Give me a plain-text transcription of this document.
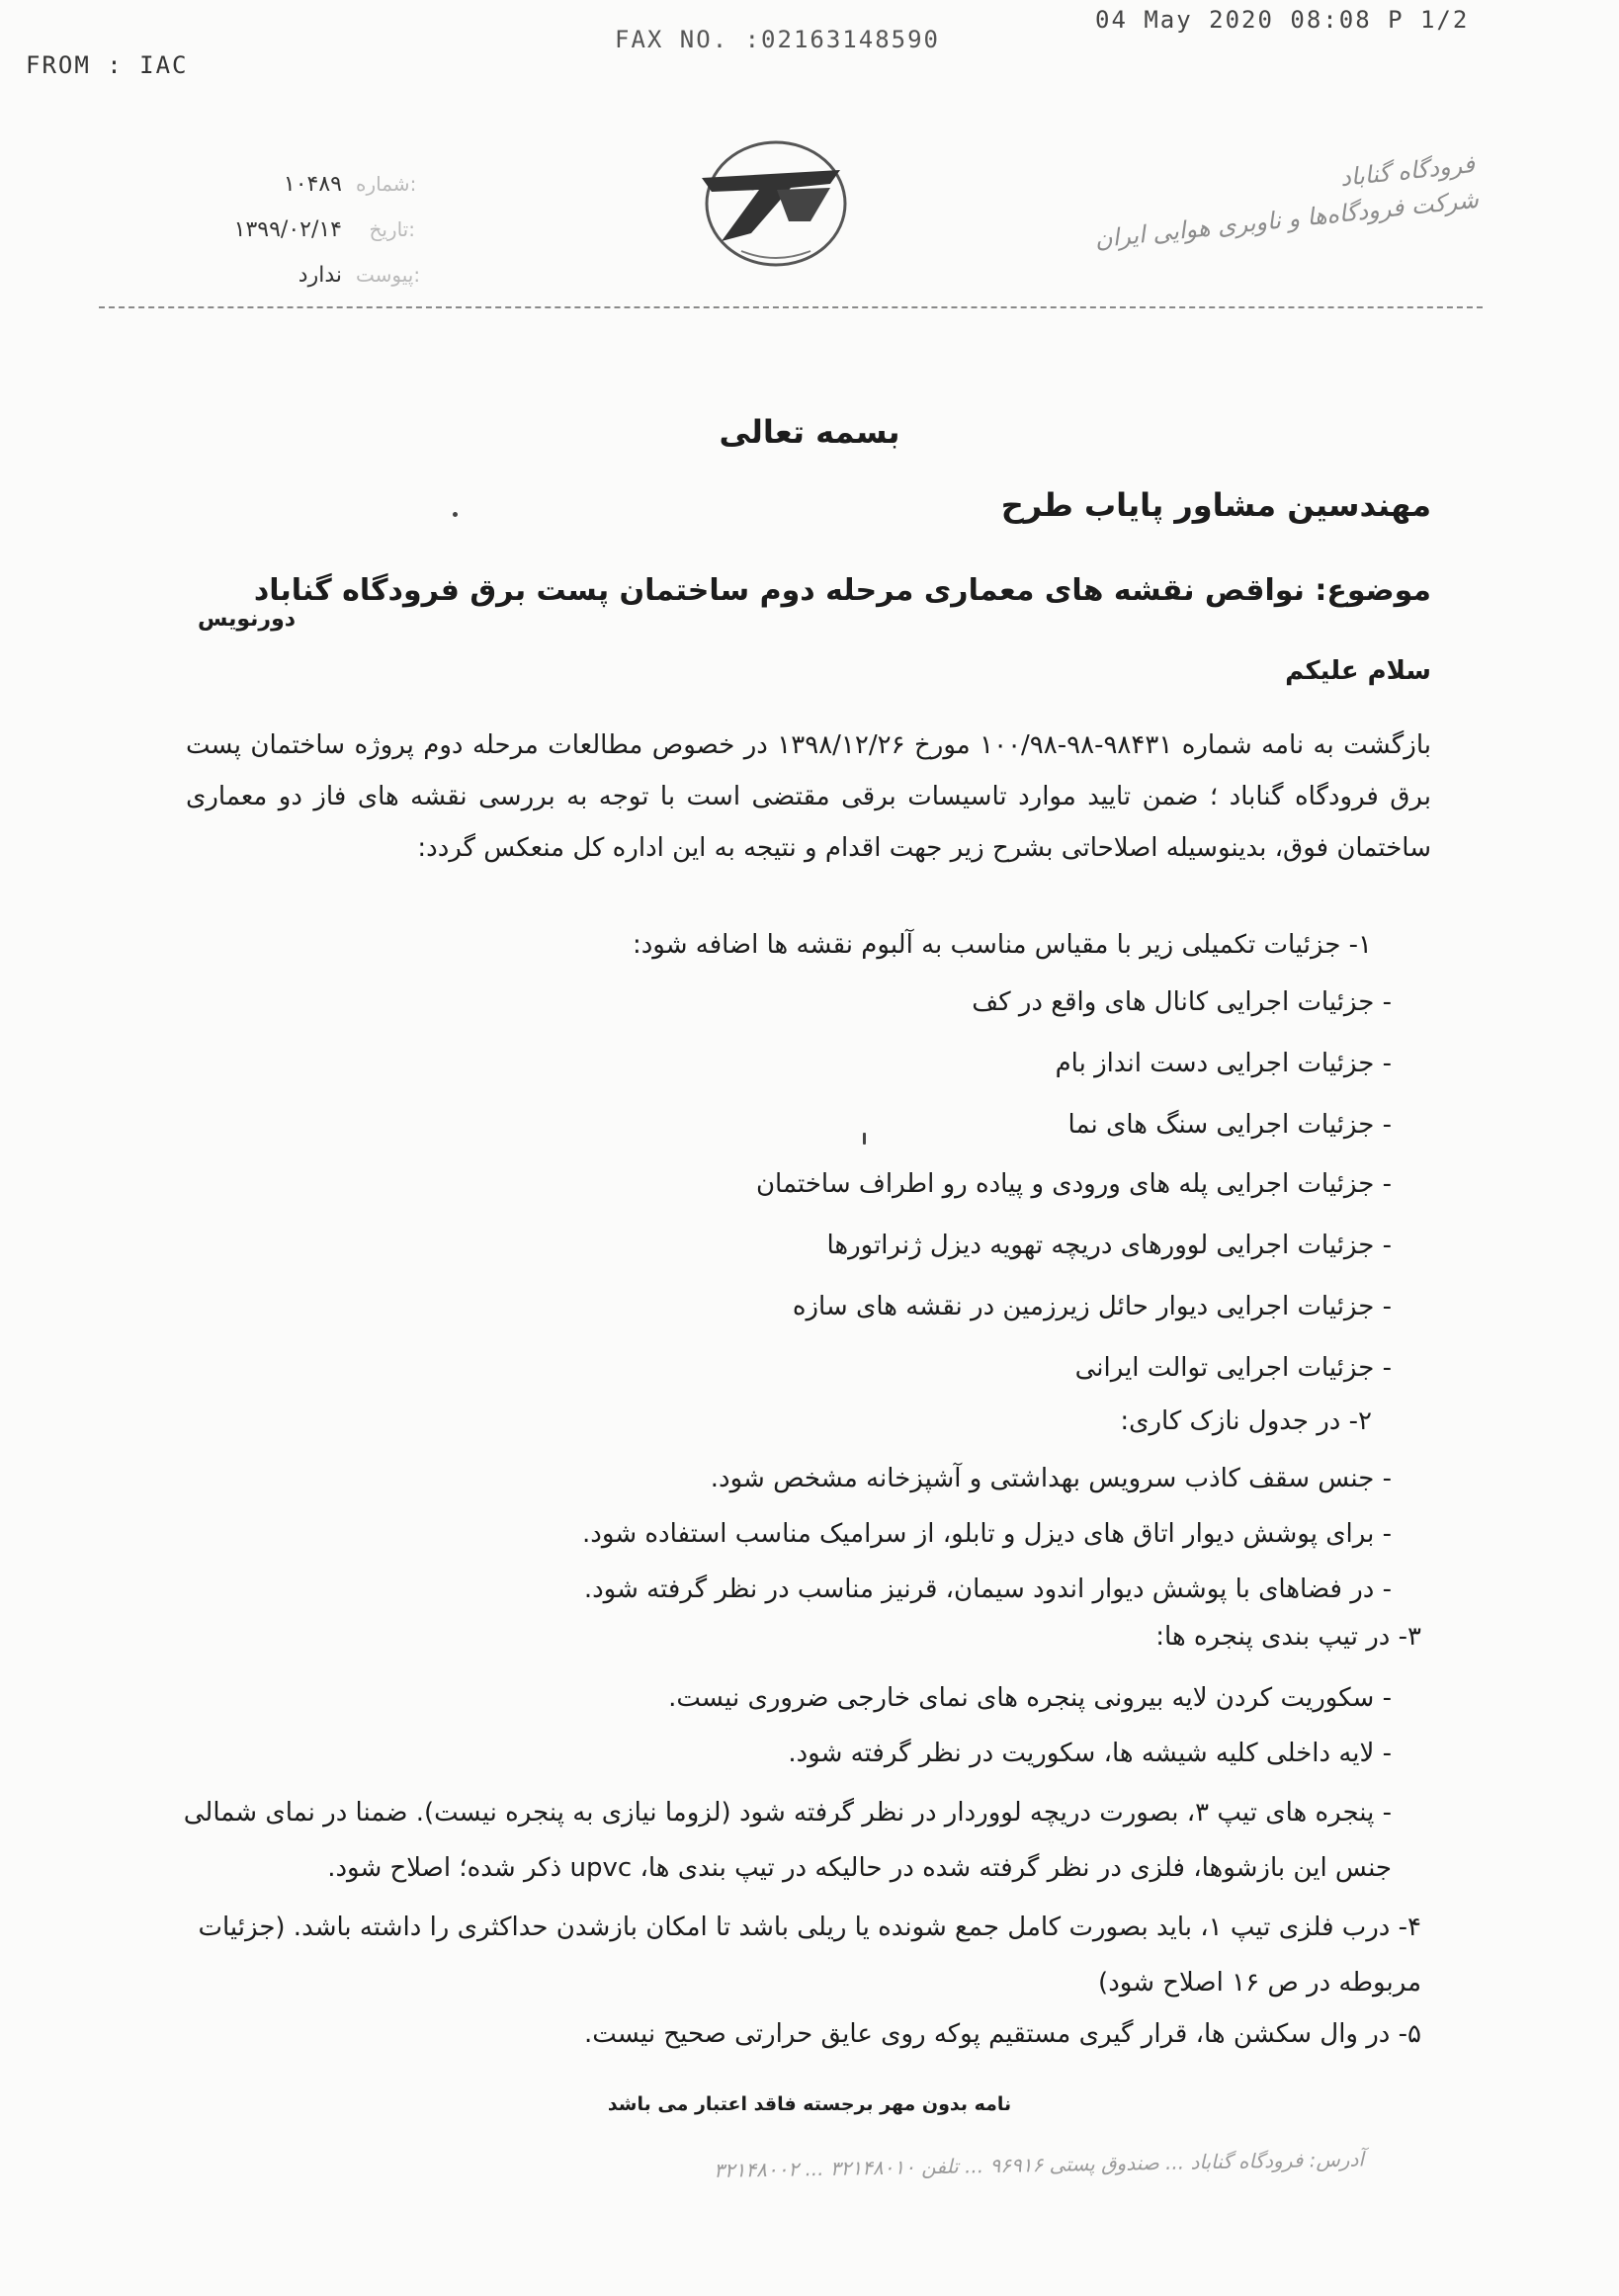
FROM : IAC
FAX NO. :02163148590
04 May 2020 08:08 P 1/2
شماره:
۱۰۴۸۹
تاریخ:
۱۳۹۹/۰۲/۱۴
پیوست:
ندارد
فرودگاه گناباد
شرکت فرودگاه‌ها و ناوبری هوایی ایران
بسمه تعالی
مهندسین مشاور پایاب طرح
موضوع: نواقص نقشه های معماری مرحله دوم ساختمان پست برق فرودگاه گناباد
دورنویس
سلام علیکم
بازگشت به نامه شماره ۹۸۴۳۱-۹۸-۱۰۰/۹۸ مورخ ۱۳۹۸/۱۲/۲۶ در خصوص مطالعات مرحله دوم پروژه ساختمان پست برق فرودگاه گناباد ؛ ضمن تایید موارد تاسیسات برقی مقتضی است با توجه به بررسی نقشه های فاز دو معماری ساختمان فوق، بدینوسیله اصلاحاتی بشرح زیر جهت اقدام و نتیجه به این اداره کل منعکس گردد:
۱- جزئیات تکمیلی زیر با مقیاس مناسب به آلبوم نقشه ها اضافه شود:
- جزئیات اجرایی کانال های واقع در کف
- جزئیات اجرایی دست انداز بام
- جزئیات اجرایی سنگ های نما
- جزئیات اجرایی پله های ورودی و پیاده رو اطراف ساختمان
- جزئیات اجرایی لوورهای دریچه تهویه دیزل ژنراتورها
- جزئیات اجرایی دیوار حائل زیرزمین در نقشه های سازه
- جزئیات اجرایی توالت ایرانی
۲- در جدول نازک کاری:
- جنس سقف کاذب سرویس بهداشتی و آشپزخانه مشخص شود.
- برای پوشش دیوار اتاق های دیزل و تابلو، از سرامیک مناسب استفاده شود.
- در فضاهای با پوشش دیوار اندود سیمان، قرنیز مناسب در نظر گرفته شود.
۳- در تیپ بندی پنجره ها:
- سکوریت کردن لایه بیرونی پنجره های نمای خارجی ضروری نیست.
- لایه داخلی کلیه شیشه ها، سکوریت در نظر گرفته شود.
- پنجره های تیپ ۳، بصورت دریچه لووردار در نظر گرفته شود (لزوما نیازی به پنجره نیست). ضمنا در نمای شمالی جنس این بازشوها، فلزی در نظر گرفته شده در حالیکه در تیپ بندی ها، upvc ذکر شده؛ اصلاح شود.
۴- درب فلزی تیپ ۱، باید بصورت کامل جمع شونده یا ریلی باشد تا امکان بازشدن حداکثری را داشته باشد. (جزئیات مربوطه در ص ۱۶ اصلاح شود)
۵- در وال سکشن ها، قرار گیری مستقیم پوکه روی عایق حرارتی صحیح نیست.
نامه بدون مهر برجسته فاقد اعتبار می باشد
آدرس: فرودگاه گناباد ... صندوق پستی ۹۶۹۱۶ ... تلفن ۳۲۱۴۸۰۱۰ ... ۳۲۱۴۸۰۰۲
